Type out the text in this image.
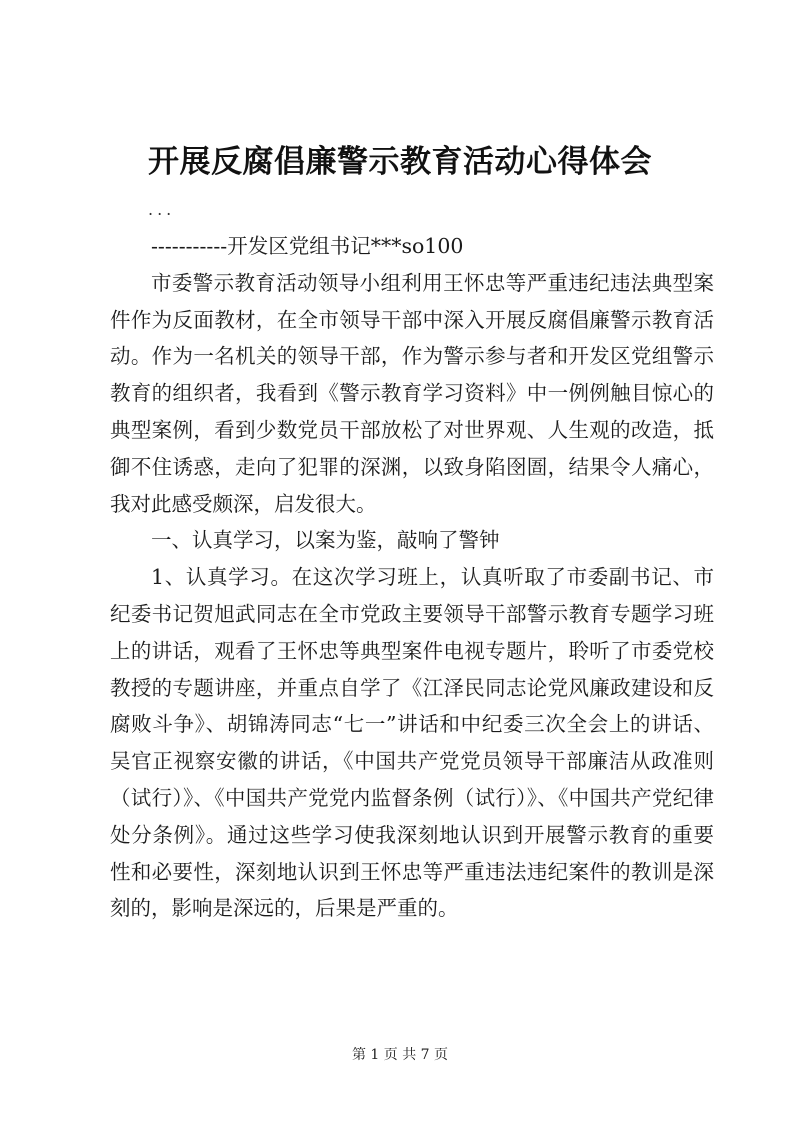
开展反腐倡廉警示教育活动心得体会
...

-----------开发区党组书记***so100

市委警示教育活动领导小组利用王怀忠等严重违纪违法典型案件作为反面教材，在全市领导干部中深入开展反腐倡廉警示教育活动。作为一名机关的领导干部，作为警示参与者和开发区党组警示教育的组织者，我看到《警示教育学习资料》中一例例触目惊心的典型案例，看到少数党员干部放松了对世界观、人生观的改造，抵御不住诱惑，走向了犯罪的深渊，以致身陷囹圄，结果令人痛心，我对此感受颇深，启发很大。

一、认真学习，以案为鉴，敲响了警钟

1、认真学习。在这次学习班上，认真听取了市委副书记、市纪委书记贺旭武同志在全市党政主要领导干部警示教育专题学习班上的讲话，观看了王怀忠等典型案件电视专题片，聆听了市委党校教授的专题讲座，并重点自学了《江泽民同志论党风廉政建设和反腐败斗争》、胡锦涛同志“七一”讲话和中纪委三次全会上的讲话、吴官正视察安徽的讲话，《中国共产党党员领导干部廉洁从政准则（试行）》、《中国共产党党内监督条例（试行）》、《中国共产党纪律处分条例》。通过这些学习使我深刻地认识到开展警示教育的重要性和必要性，深刻地认识到王怀忠等严重违法违纪案件的教训是深刻的，影响是深远的，后果是严重的。

第 1 页 共 7 页
